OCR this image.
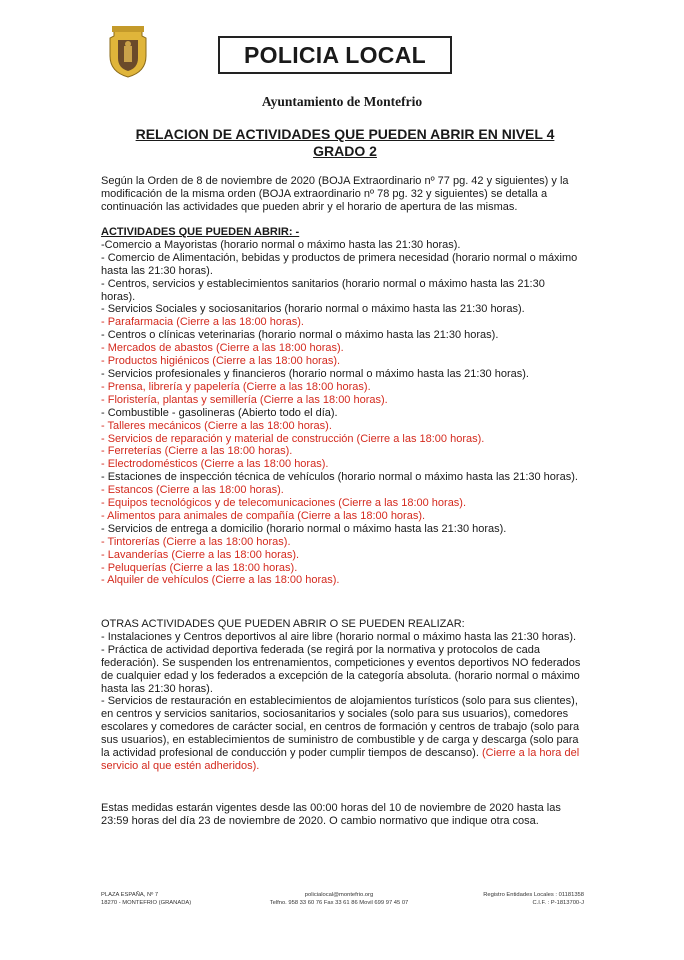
POLICIA LOCAL
Ayuntamiento de Montefrio
RELACION DE ACTIVIDADES QUE PUEDEN ABRIR EN NIVEL 4
GRADO 2
Según la Orden de 8 de noviembre de 2020 (BOJA Extraordinario nº 77 pg. 42 y siguientes) y la modificación de la misma orden (BOJA extraordinario nº 78 pg. 32 y siguientes) se detalla a continuación las actividades que pueden abrir y el horario de apertura de las mismas.
ACTIVIDADES QUE PUEDEN ABRIR: -
-Comercio a Mayoristas (horario normal o máximo hasta las 21:30 horas).
- Comercio de Alimentación, bebidas y productos de primera necesidad (horario normal o máximo hasta las 21:30 horas).
- Centros, servicios y establecimientos sanitarios (horario normal o máximo hasta las 21:30 horas).
- Servicios Sociales y sociosanitarios (horario normal o máximo hasta las 21:30 horas).
- Parafarmacia (Cierre a las 18:00 horas).
- Centros o clínicas veterinarias (horario normal o máximo hasta las 21:30 horas).
- Mercados de abastos (Cierre a las 18:00 horas).
- Productos higiénicos (Cierre a las 18:00 horas).
- Servicios profesionales y financieros (horario normal o máximo hasta las 21:30 horas).
- Prensa, librería y papelería (Cierre a las 18:00 horas).
- Floristería, plantas y semillería (Cierre a las 18:00 horas).
- Combustible - gasolineras (Abierto todo el día).
- Talleres mecánicos (Cierre a las 18:00 horas).
- Servicios de reparación y material de construcción (Cierre a las 18:00 horas).
- Ferreterías (Cierre a las 18:00 horas).
- Electrodomésticos (Cierre a las 18:00 horas).
- Estaciones de inspección técnica de vehículos (horario normal o máximo hasta las 21:30 horas).
- Estancos (Cierre a las 18:00 horas).
- Equipos tecnológicos y de telecomunicaciones (Cierre a las 18:00 horas).
- Alimentos para animales de compañía (Cierre a las 18:00 horas).
- Servicios de entrega a domicilio (horario normal o máximo hasta las 21:30 horas).
- Tintorerías (Cierre a las 18:00 horas).
- Lavanderías (Cierre a las 18:00 horas).
- Peluquerías (Cierre a las 18:00 horas).
- Alquiler de vehículos (Cierre a las 18:00 horas).
OTRAS ACTIVIDADES QUE PUEDEN ABRIR O SE PUEDEN REALIZAR:
- Instalaciones y Centros deportivos al aire libre (horario normal o máximo hasta las 21:30 horas).
- Práctica de actividad deportiva federada (se regirá por la normativa y protocolos de cada federación). Se suspenden los entrenamientos, competiciones y eventos deportivos NO federados de cualquier edad y los federados a excepción de la categoría absoluta. (horario normal o máximo hasta las 21:30 horas).
- Servicios de restauración en establecimientos de alojamientos turísticos (solo para sus clientes), en centros y servicios sanitarios, sociosanitarios y sociales (solo para sus usuarios), comedores escolares y comedores de carácter social, en centros de formación y centros de trabajo (solo para sus usuarios), en establecimientos de suministro de combustible y de carga y descarga (solo para la actividad profesional de conducción y poder cumplir tiempos de descanso). (Cierre a la hora del servicio al que estén adheridos).
Estas medidas estarán vigentes desde las 00:00 horas del 10 de noviembre de 2020 hasta las 23:59 horas del día 23 de noviembre de 2020. O cambio normativo que indique otra cosa.
PLAZA ESPAÑA, Nº 7
18270 - MONTEFRIO (GRANADA)
policialocal@montefrio.org
Telfno. 958 33 60 76 Fax 33 61 86 Movil 699 97 45 07
Registro Entidades Locales : 01181358
C.I.F. : P-1813700-J
